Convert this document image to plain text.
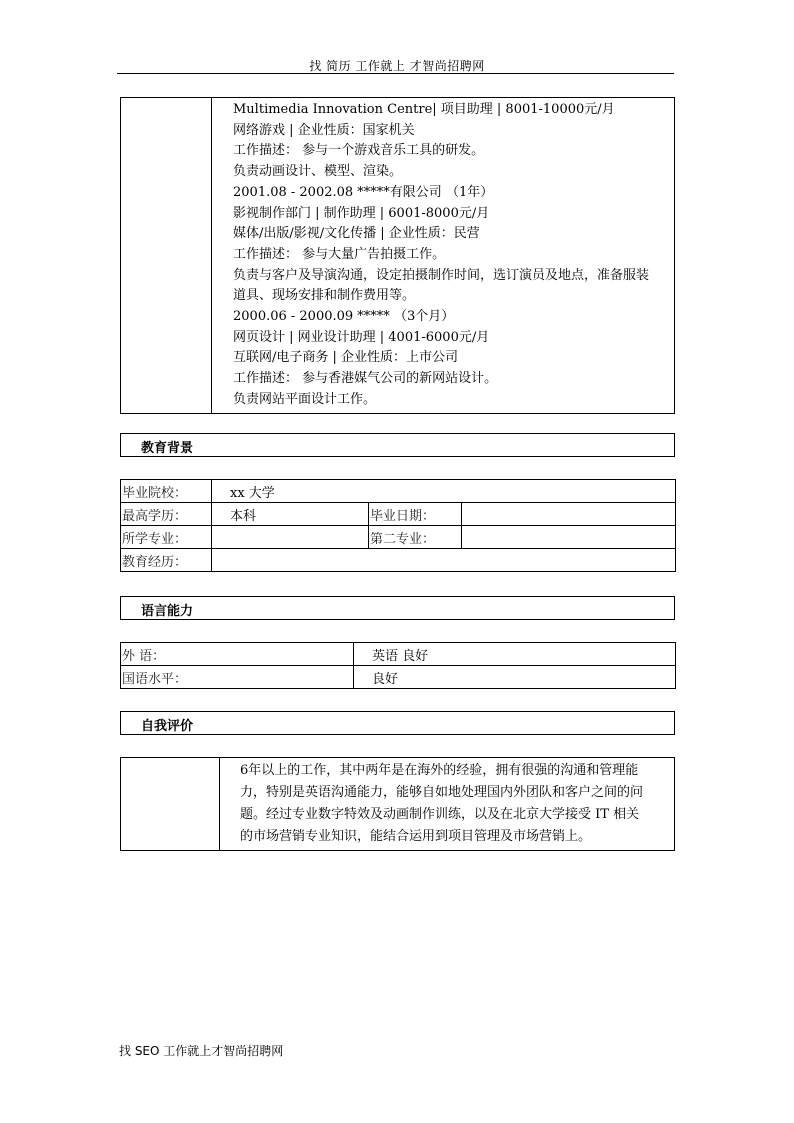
找 简历 工作就上 才智尚招聘网

Multimedia Innovation Centre| 项目助理 | 8001-10000元/月
网络游戏 | 企业性质：国家机关
工作描述： 参与一个游戏音乐工具的研发。
负责动画设计、模型、渲染。
2001.08 - 2002.08 *****有限公司 （1年）
影视制作部门 | 制作助理 | 6001-8000元/月
媒体/出版/影视/文化传播 | 企业性质：民营
工作描述： 参与大量广告拍摄工作。
负责与客户及导演沟通，设定拍摄制作时间，选订演员及地点，准备服装
道具、现场安排和制作费用等。
2000.06 - 2000.09 ***** （3个月）
网页设计 | 网业设计助理 | 4001-6000元/月
互联网/电子商务 | 企业性质：上市公司
工作描述： 参与香港媒气公司的新网站设计。
负责网站平面设计工作。
教育背景
毕业院校：	xx 大学		
最高学历：	本科	毕业日期：	
所学专业：		第二专业：	
教育经历：			
语言能力
外 语：	英语 良好
国语水平：	良好
自我评价

6年以上的工作，其中两年是在海外的经验，拥有很强的沟通和管理能
力，特别是英语沟通能力，能够自如地处理国内外团队和客户之间的问
题。经过专业数字特效及动画制作训练，以及在北京大学接受 IT 相关
的市场营销专业知识，能结合运用到项目管理及市场营销上。
找 SEO 工作就上才智尚招聘网
